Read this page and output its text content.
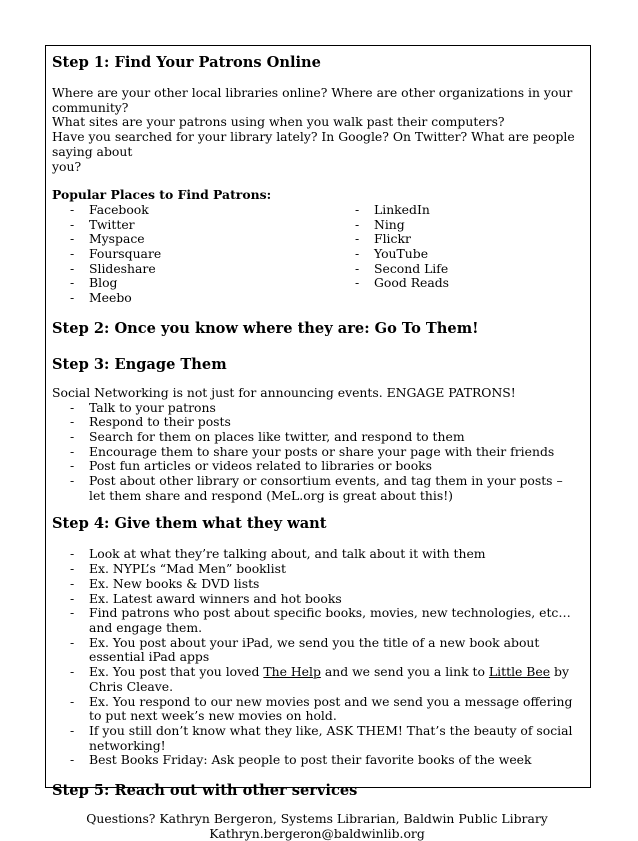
Step 1: Find Your Patrons Online

Where are your other local libraries online? Where are other organizations in your community?

What sites are your patrons using when you walk past their computers?

Have you searched for your library lately? In Google? On Twitter? What are people saying about

you?

Popular Places to Find Patrons:

- Facebook
- Twitter
- Myspace
- Foursquare
- Slideshare
- Blog
- Meebo
- LinkedIn
- Ning
- Flickr
- YouTube
- Second Life
- Good Reads
Step 2: Once you know where they are: Go To Them!
Step 3: Engage Them

Social Networking is not just for announcing events. ENGAGE PATRONS!

- Talk to your patrons
- Respond to their posts
- Search for them on places like twitter, and respond to them
- Encourage them to share your posts or share your page with their friends
- Post fun articles or videos related to libraries or books
- Post about other library or consortium events, and tag them in your posts – let them share and respond (MeL.org is great about this!)
Step 4: Give them what they want
- Look at what they’re talking about, and talk about it with them
- Ex. NYPL’s “Mad Men” booklist
- Ex. New books & DVD lists
- Ex. Latest award winners and hot books
- Find patrons who post about specific books, movies, new technologies, etc… and engage them.
- Ex. You post about your iPad, we send you the title of a new book about essential iPad apps
- Ex. You post that you loved The Help and we send you a link to Little Bee by Chris Cleave.
- Ex. You respond to our new movies post and we send you a message offering to put next week’s new movies on hold.
- If you still don’t know what they like, ASK THEM! That’s the beauty of social networking!
- Best Books Friday: Ask people to post their favorite books of the week
Step 5: Reach out with other services

Questions? Kathryn Bergeron, Systems Librarian, Baldwin Public Library

Kathryn.bergeron@baldwinlib.org
